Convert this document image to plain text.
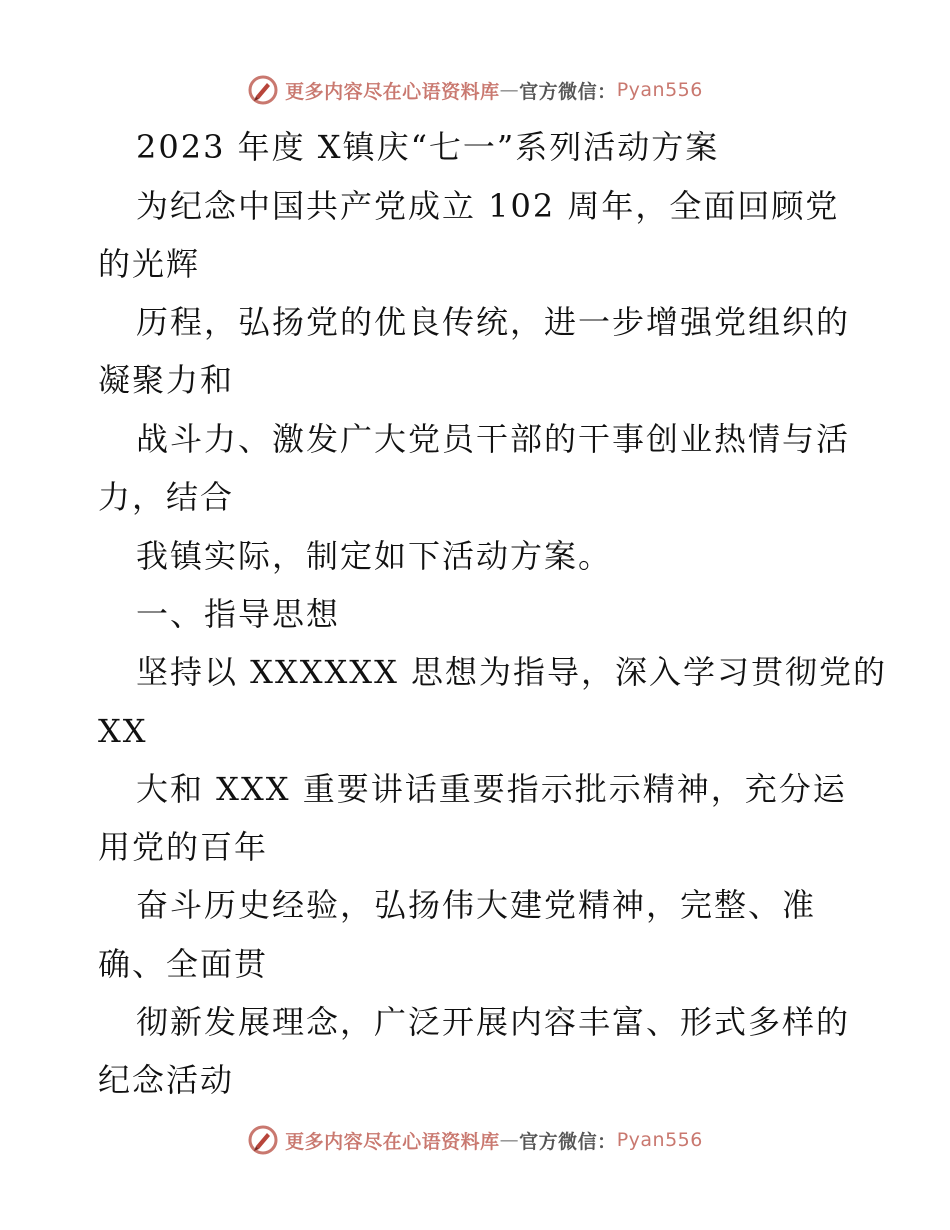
更多内容尽在心语资料库 — 官方微信： Pyan556
2023 年度 X镇庆“七一”系列活动方案
为纪念中国共产党成立 102 周年，全面回顾党
的光辉
历程，弘扬党的优良传统，进一步增强党组织的
凝聚力和
战斗力、激发广大党员干部的干事创业热情与活
力，结合
我镇实际，制定如下活动方案。
一、指导思想
坚持以 XXXXXX 思想为指导，深入学习贯彻党的
XX
大和 XXX 重要讲话重要指示批示精神，充分运
用党的百年
奋斗历史经验，弘扬伟大建党精神，完整、准
确、全面贯
彻新发展理念，广泛开展内容丰富、形式多样的
纪念活动
更多内容尽在心语资料库 — 官方微信： Pyan556
